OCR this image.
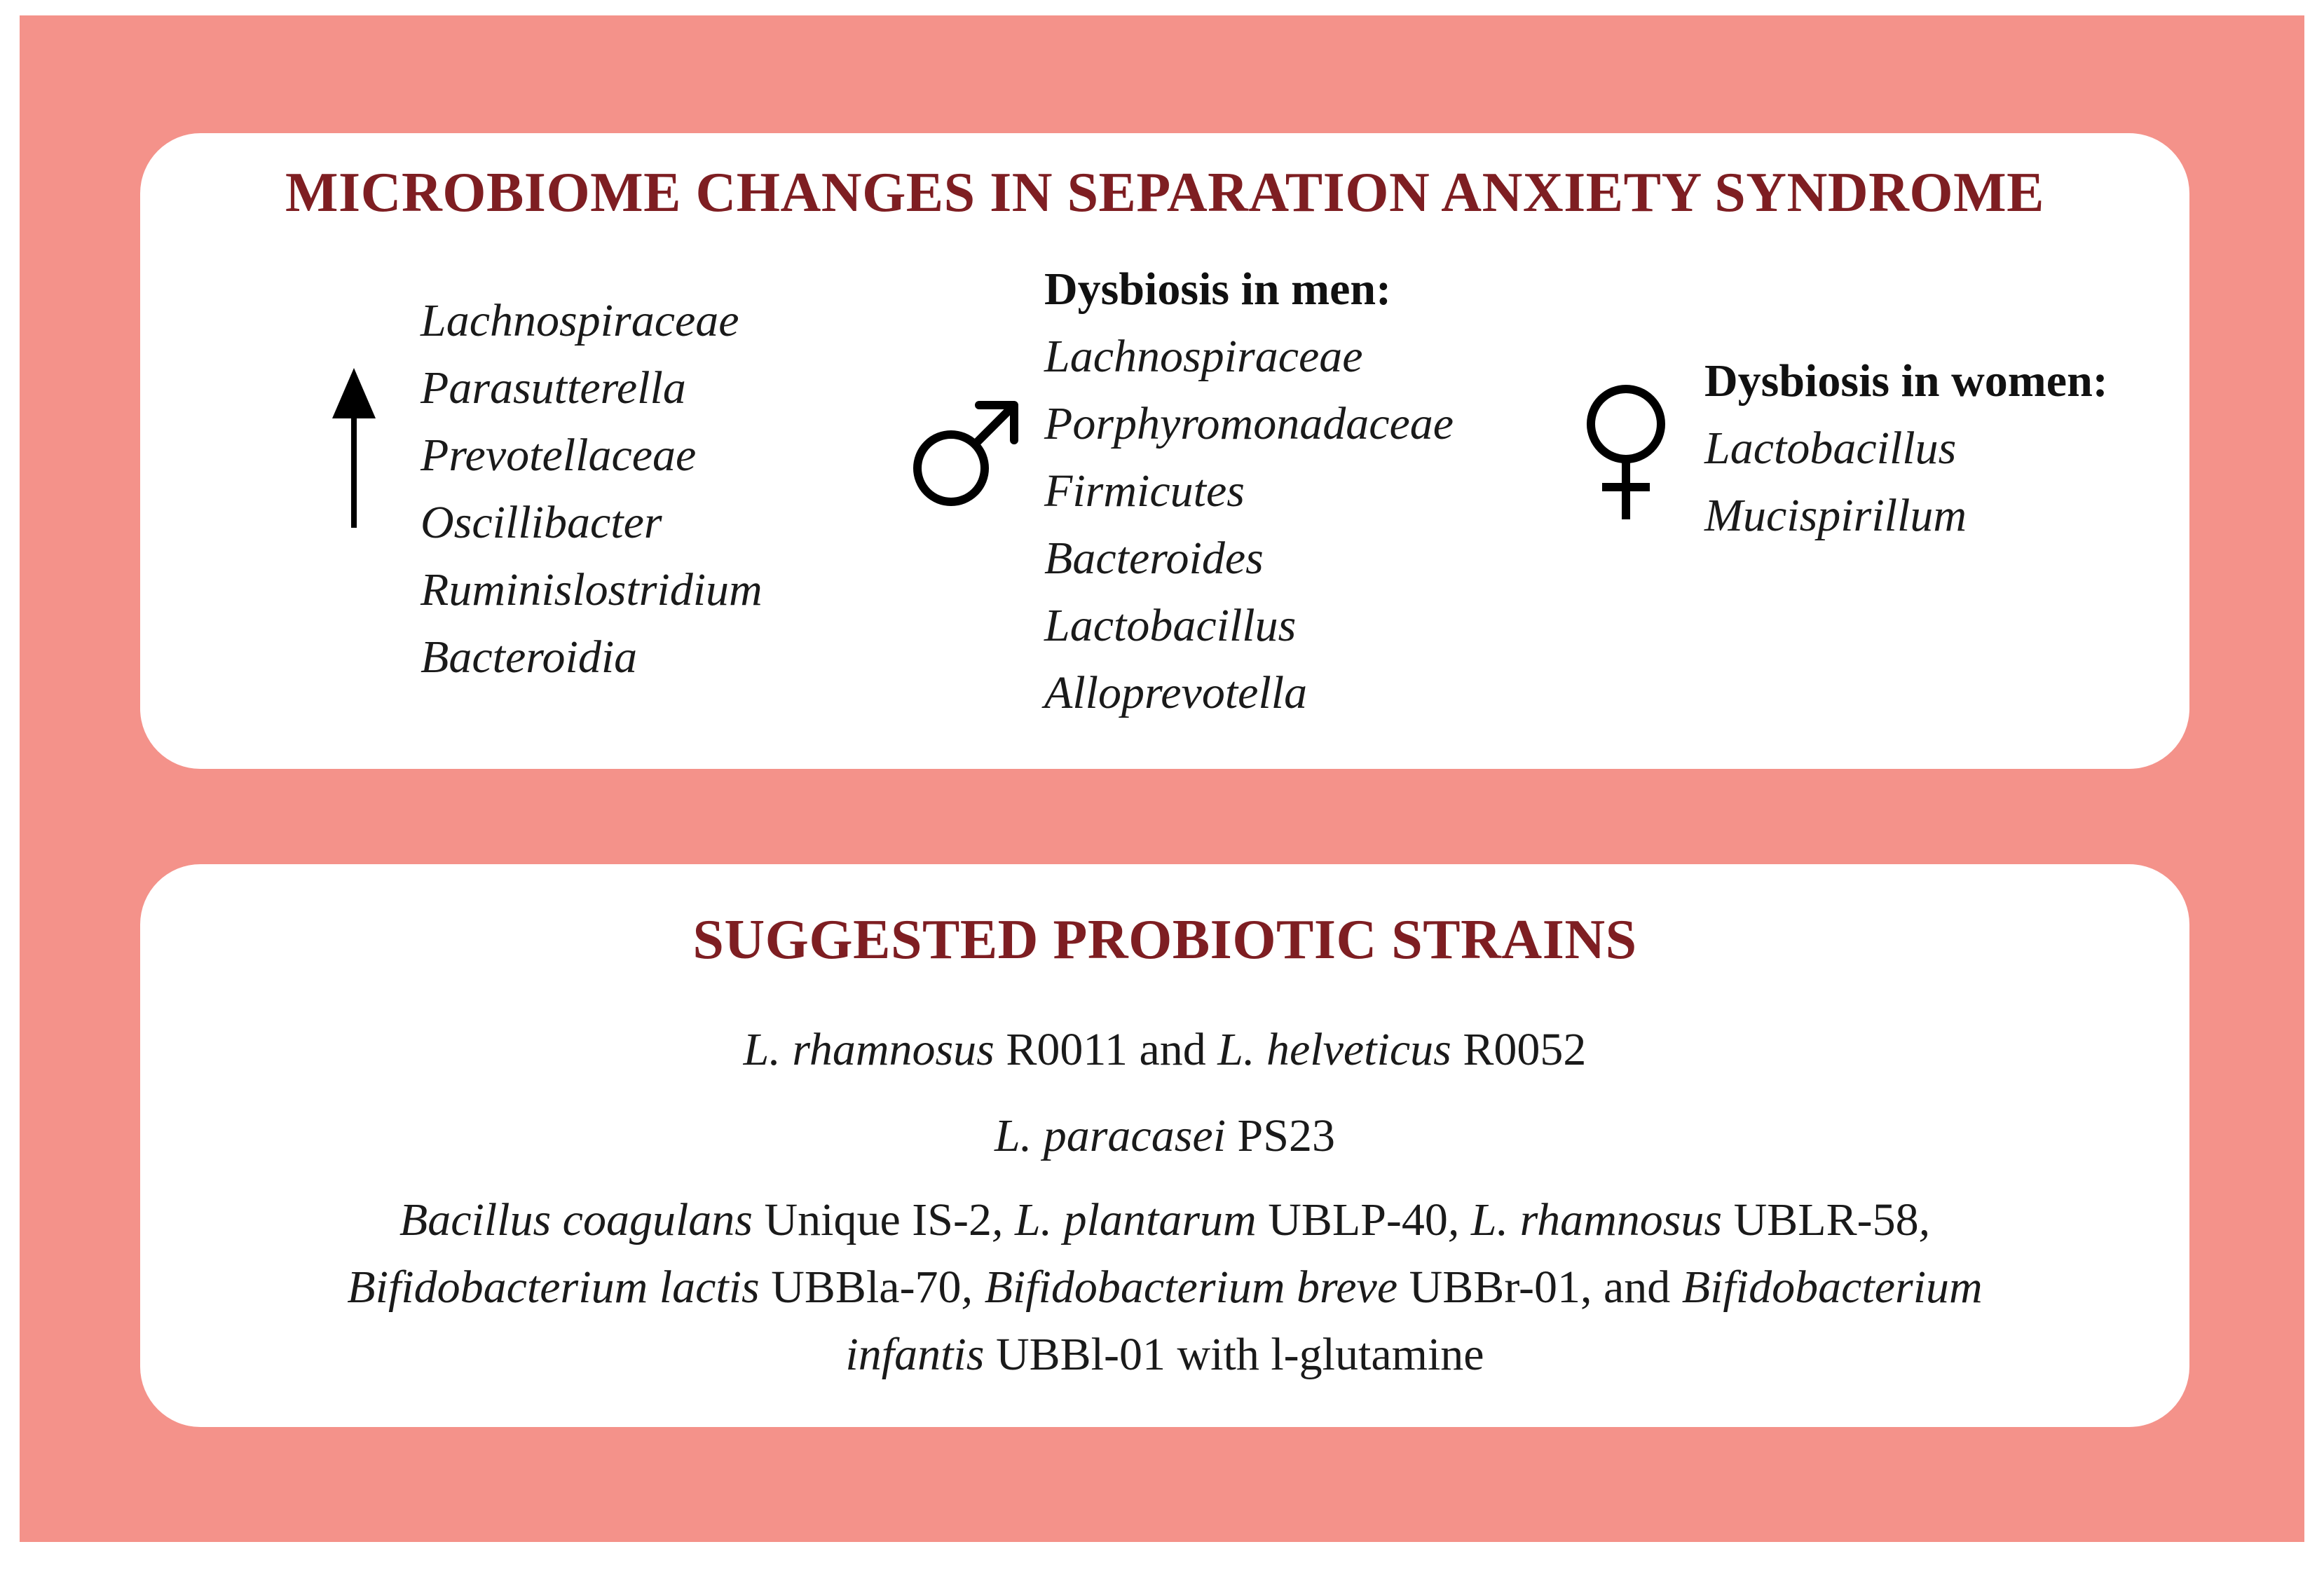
MICROBIOME CHANGES IN SEPARATION ANXIETY SYNDROME
Lachnospiraceae
Parasutterella
Prevotellaceae
Oscillibacter
Ruminislostridium
Bacteroidia

Dysbiosis in men:

Lachnospiraceae
Porphyromonadaceae
Firmicutes
Bacteroides
Lactobacillus
Alloprevotella

Dysbiosis in women:

Lactobacillus
Mucispirillum
SUGGESTED PROBIOTIC STRAINS

L. rhamnosus R0011 and L. helveticus R0052

L. paracasei PS23

Bacillus coagulans Unique IS-2, L. plantarum UBLP-40, L. rhamnosus UBLR-58,

Bifidobacterium lactis UBBla-70, Bifidobacterium breve UBBr-01, and Bifidobacterium

infantis UBBl-01 with l-glutamine
